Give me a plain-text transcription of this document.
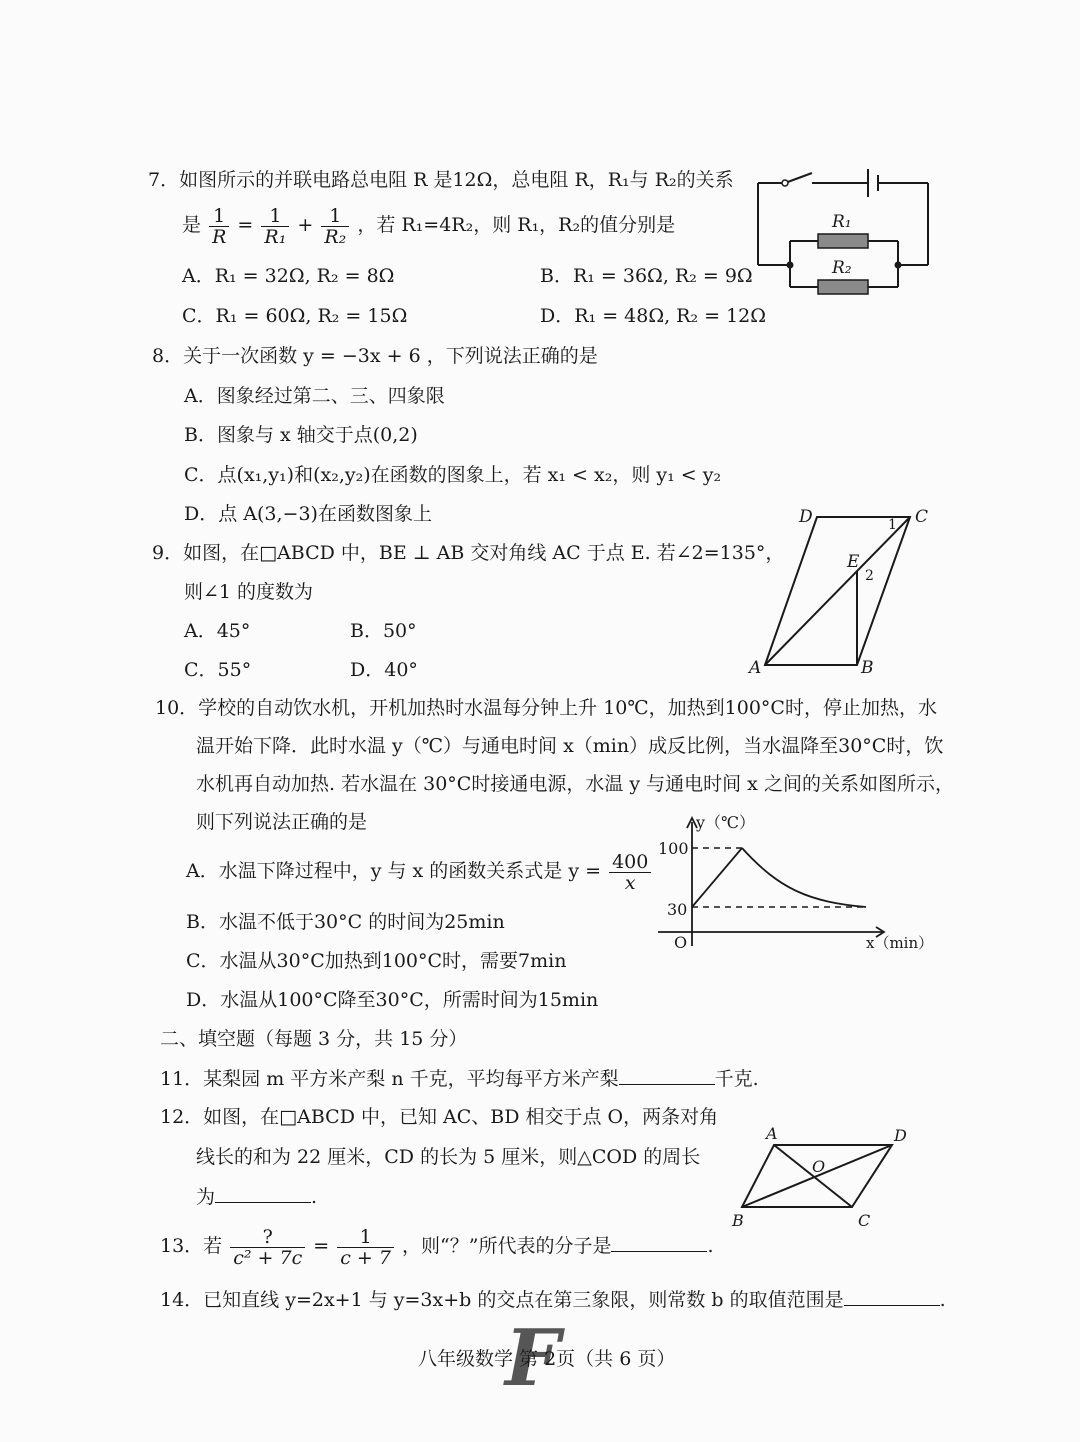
7．如图所示的并联电路总电阻 R 是12Ω，总电阻 R，R₁与 R₂的关系
是 $\frac{1}{R} = \frac{1}{\text{R₁}} + \frac{1}{\text{R₂}}$ ，若 R₁=4R₂，则 R₁，R₂的值分别是
A．R₁ = 32Ω, R₂ = 8Ω	B．R₁ = 36Ω, R₂ = 9Ω
C．R₁ = 60Ω, R₂ = 15Ω	D．R₁ = 48Ω, R₂ = 12Ω
R₁
R₂
8．关于一次函数 y = −3x + 6 ，下列说法正确的是
A．图象经过第二、三、四象限
B．图象与 x 轴交于点(0,2)
C．点(x₁,y₁)和(x₂,y₂)在函数的图象上，若 x₁ < x₂，则 y₁ < y₂
D．点 A(3,−3)在函数图象上
9．如图，在□ABCD 中，BE ⊥ AB 交对角线 AC 于点 E. 若∠2=135°，
则∠1 的度数为
A．45°	B．50°
C．55°	D．40°	A	B
C
D
E
1
2
10．学校的自动饮水机，开机加热时水温每分钟上升 10℃，加热到100°C时，停止加热，水
温开始下降．此时水温 y（℃）与通电时间 x（min）成反比例，当水温降至30°C时，饮
水机再自动加热. 若水温在 30°C时接通电源，水温 y 与通电时间 x 之间的关系如图所示，
则下列说法正确的是
A．水温下降过程中，y 与 x 的函数关系式是 $y = \frac{400}{x}$
B．水温不低于30°C 的时间为25min
C．水温从30°C加热到100°C时，需要7min
D．水温从100°C降至30°C，所需时间为15min
y（℃）
x（min）
100
30
O
二、填空题（每题 3 分，共 15 分）
11．某梨园 m 平方米产梨 n 千克，平均每平方米产梨	千克.
12．如图，在□ABCD 中，已知 AC、BD 相交于点 O，两条对角
线长的和为 22 厘米，CD 的长为 5 厘米，则△COD 的周长
为	.
A
B	C
D
O
13．若 $\frac{?}{\text{c² + 7c}} = \frac{1}{c + 7}$ ，则“？”所代表的分子是	.
14．已知直线 y=2x+1 与 y=3x+b 的交点在第三象限，则常数 b 的取值范围是	.
F
八年级数学 第 2页（共 6 页）
